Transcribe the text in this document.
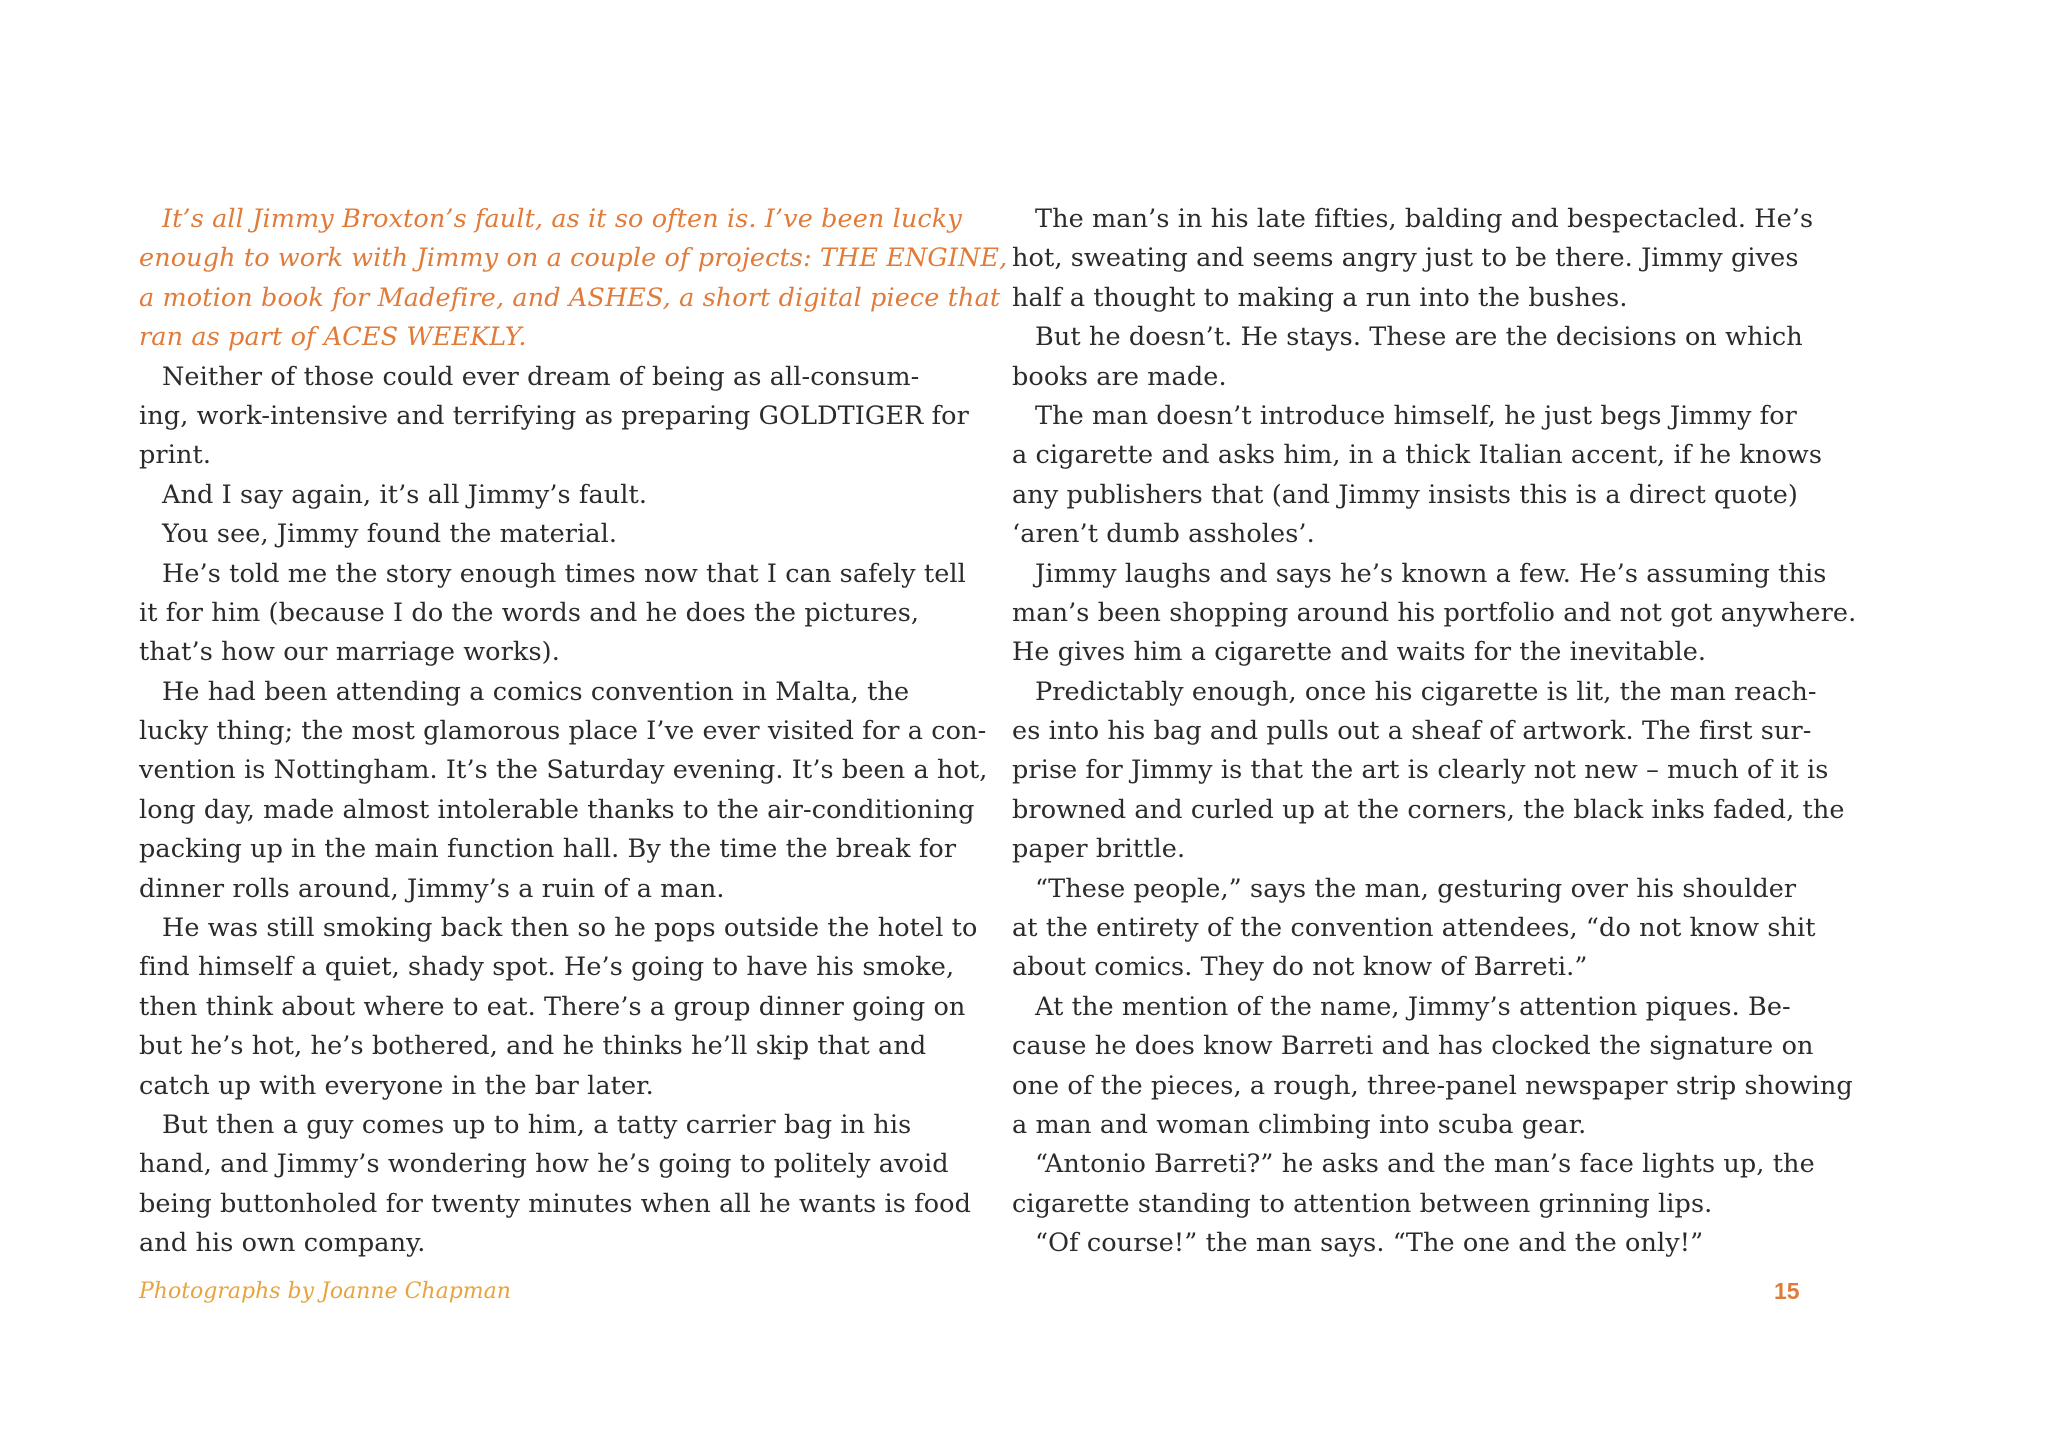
It’s all Jimmy Broxton’s fault, as it so often is. I’ve been lucky
enough to work with Jimmy on a couple of projects: THE ENGINE,
a motion book for Madefire, and ASHES, a short digital piece that
ran as part of ACES WEEKLY.
Neither of those could ever dream of being as all-consum-
ing, work-intensive and terrifying as preparing GOLDTIGER for
print.
And I say again, it’s all Jimmy’s fault.
You see, Jimmy found the material.
He’s told me the story enough times now that I can safely tell
it for him (because I do the words and he does the pictures,
that’s how our marriage works).
He had been attending a comics convention in Malta, the
lucky thing; the most glamorous place I’ve ever visited for a con-
vention is Nottingham. It’s the Saturday evening. It’s been a hot,
long day, made almost intolerable thanks to the air-conditioning
packing up in the main function hall. By the time the break for
dinner rolls around, Jimmy’s a ruin of a man.
He was still smoking back then so he pops outside the hotel to
find himself a quiet, shady spot. He’s going to have his smoke,
then think about where to eat. There’s a group dinner going on
but he’s hot, he’s bothered, and he thinks he’ll skip that and
catch up with everyone in the bar later.
But then a guy comes up to him, a tatty carrier bag in his
hand, and Jimmy’s wondering how he’s going to politely avoid
being buttonholed for twenty minutes when all he wants is food
and his own company.
The man’s in his late fifties, balding and bespectacled. He’s
hot, sweating and seems angry just to be there. Jimmy gives
half a thought to making a run into the bushes.
But he doesn’t. He stays. These are the decisions on which
books are made.
The man doesn’t introduce himself, he just begs Jimmy for
a cigarette and asks him, in a thick Italian accent, if he knows
any publishers that (and Jimmy insists this is a direct quote)
‘aren’t dumb assholes’.
Jimmy laughs and says he’s known a few. He’s assuming this
man’s been shopping around his portfolio and not got anywhere.
He gives him a cigarette and waits for the inevitable.
Predictably enough, once his cigarette is lit, the man reach-
es into his bag and pulls out a sheaf of artwork. The first sur-
prise for Jimmy is that the art is clearly not new – much of it is
browned and curled up at the corners, the black inks faded, the
paper brittle.
“These people,” says the man, gesturing over his shoulder
at the entirety of the convention attendees, “do not know shit
about comics. They do not know of Barreti.”
At the mention of the name, Jimmy’s attention piques. Be-
cause he does know Barreti and has clocked the signature on
one of the pieces, a rough, three-panel newspaper strip showing
a man and woman climbing into scuba gear.
“Antonio Barreti?” he asks and the man’s face lights up, the
cigarette standing to attention between grinning lips.
“Of course!” the man says. “The one and the only!”
Photographs by Joanne Chapman	15
